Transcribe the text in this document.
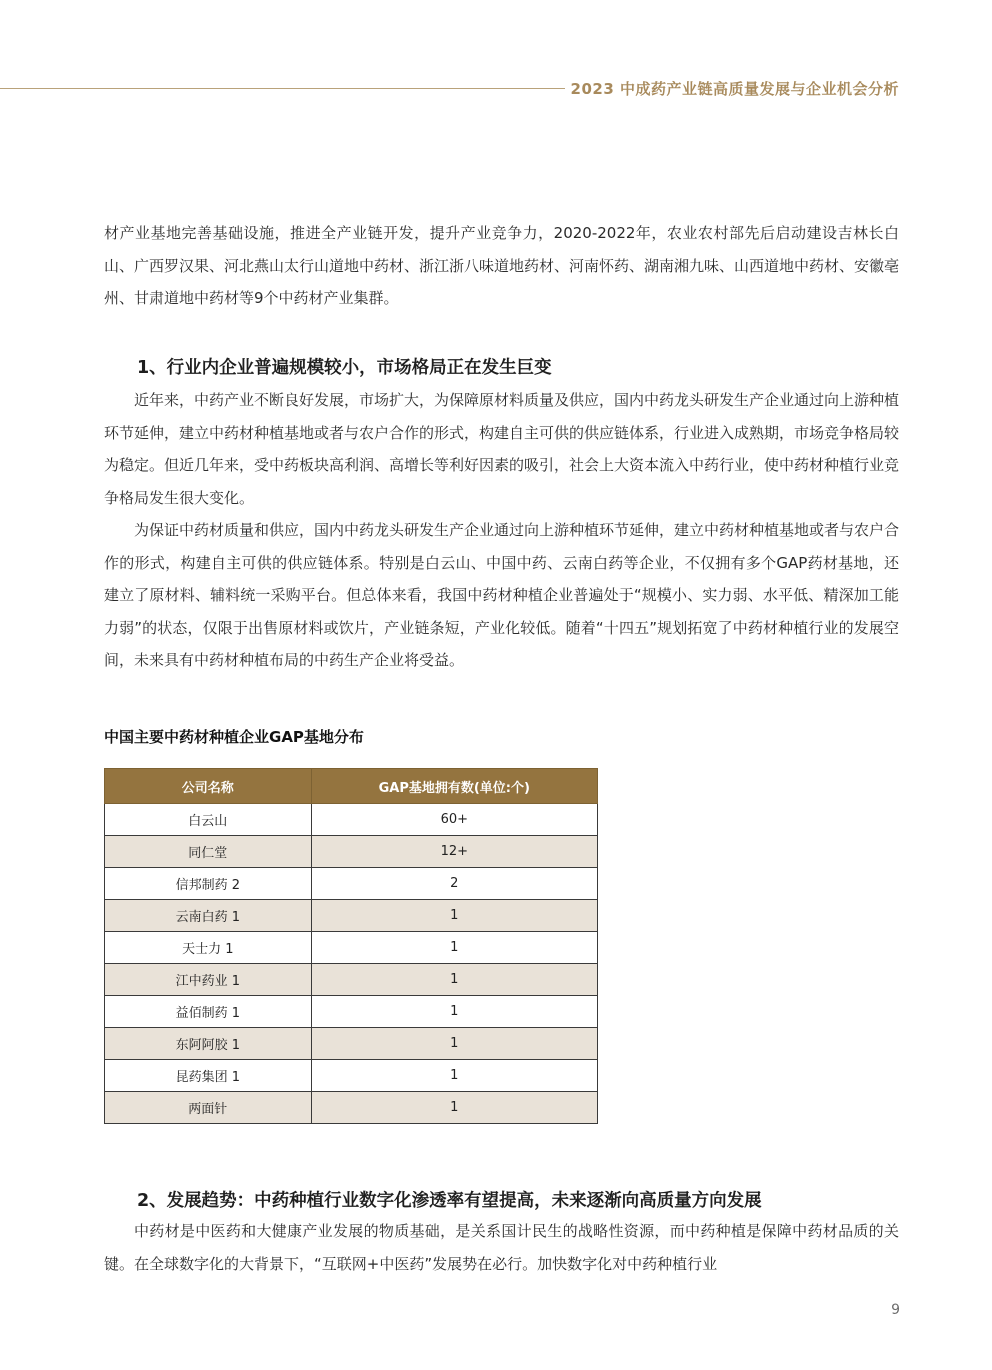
2023 中成药产业链高质量发展与企业机会分析

材产业基地完善基础设施，推进全产业链开发，提升产业竞争力，2020-2022年，农业农村部先后启动建设吉林长白山、广西罗汉果、河北燕山太行山道地中药材、浙江浙八味道地药材、河南怀药、湖南湘九味、山西道地中药材、安徽亳州、甘肃道地中药材等9个中药材产业集群。

1、行业内企业普遍规模较小，市场格局正在发生巨变

近年来，中药产业不断良好发展，市场扩大，为保障原材料质量及供应，国内中药龙头研发生产企业通过向上游种植环节延伸，建立中药材种植基地或者与农户合作的形式，构建自主可供的供应链体系，行业进入成熟期，市场竞争格局较为稳定。但近几年来，受中药板块高利润、高增长等利好因素的吸引，社会上大资本流入中药行业，使中药材种植行业竞争格局发生很大变化。

为保证中药材质量和供应，国内中药龙头研发生产企业通过向上游种植环节延伸，建立中药材种植基地或者与农户合作的形式，构建自主可供的供应链体系。特别是白云山、中国中药、云南白药等企业，不仅拥有多个GAP药材基地，还建立了原材料、辅料统一采购平台。但总体来看，我国中药材种植企业普遍处于“规模小、实力弱、水平低、精深加工能力弱”的状态，仅限于出售原材料或饮片，产业链条短，产业化较低。随着“十四五”规划拓宽了中药材种植行业的发展空间，未来具有中药材种植布局的中药生产企业将受益。

中国主要中药材种植企业GAP基地分布
公司名称	GAP基地拥有数(单位:个)
白云山	60+
同仁堂	12+
信邦制药 2	2
云南白药 1	1
天士力 1	1
江中药业 1	1
益佰制药 1	1
东阿阿胶 1	1
昆药集团 1	1
两面针	1
2、发展趋势：中药种植行业数字化渗透率有望提高，未来逐渐向高质量方向发展

中药材是中医药和大健康产业发展的物质基础，是关系国计民生的战略性资源，而中药种植是保障中药材品质的关键。在全球数字化的大背景下，“互联网+中医药”发展势在必行。加快数字化对中药种植行业

9
